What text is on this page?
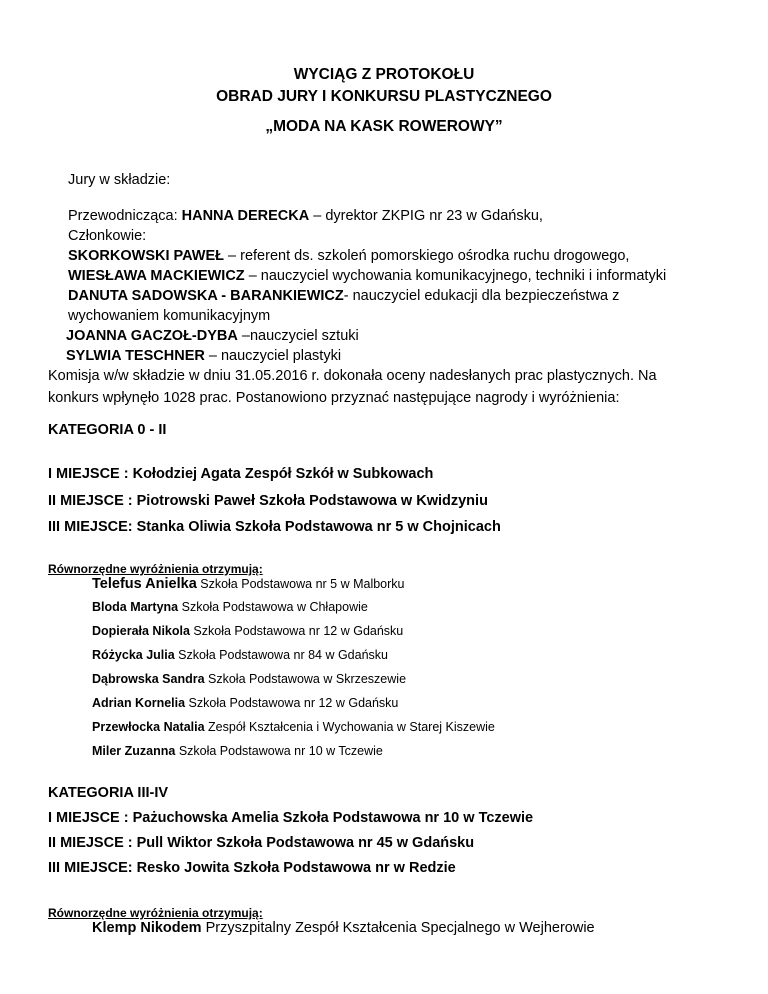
WYCIĄG Z PROTOKOŁU
OBRAD JURY I KONKURSU PLASTYCZNEGO
„MODA NA KASK ROWEROWY”
Jury w składzie:
Przewodnicząca: HANNA DERECKA – dyrektor ZKPIG nr 23 w Gdańsku,
Członkowie:
SKORKOWSKI PAWEŁ – referent ds. szkoleń pomorskiego ośrodka ruchu drogowego,
WIESŁAWA MACKIEWICZ – nauczyciel wychowania komunikacyjnego, techniki i informatyki
DANUTA SADOWSKA - BARANKIEWICZ- nauczyciel edukacji dla bezpieczeństwa z
wychowaniem komunikacyjnym
JOANNA GACZOŁ-DYBA –nauczyciel sztuki
SYLWIA TESCHNER – nauczyciel plastyki
Komisja w/w składzie w dniu 31.05.2016 r. dokonała oceny nadesłanych prac plastycznych. Na
konkurs wpłynęło 1028 prac. Postanowiono przyznać następujące nagrody i wyróżnienia:
KATEGORIA 0 - II
I MIEJSCE : Kołodziej Agata Zespół Szkół w Subkowach
II MIEJSCE : Piotrowski Paweł Szkoła Podstawowa w Kwidzyniu
III MIEJSCE: Stanka Oliwia Szkoła Podstawowa nr 5 w Chojnicach
Równorzędne wyróżnienia otrzymują:
Telefus Anielka Szkoła Podstawowa nr 5 w Malborku
Bloda Martyna Szkoła Podstawowa w Chłapowie
Dopierała Nikola Szkoła Podstawowa nr 12 w Gdańsku
Różycka Julia Szkoła Podstawowa nr 84 w Gdańsku
Dąbrowska Sandra Szkoła Podstawowa w Skrzeszewie
Adrian Kornelia Szkoła Podstawowa nr 12 w Gdańsku
Przewłocka Natalia Zespół Kształcenia i Wychowania w Starej Kiszewie
Miler Zuzanna Szkoła Podstawowa nr 10 w Tczewie
KATEGORIA III-IV
I MIEJSCE : Pażuchowska Amelia Szkoła Podstawowa nr 10 w Tczewie
II MIEJSCE : Pull Wiktor Szkoła Podstawowa nr 45 w Gdańsku
III MIEJSCE: Resko Jowita Szkoła Podstawowa nr w Redzie
Równorzędne wyróżnienia otrzymują:
Klemp Nikodem Przyszpitalny Zespół Kształcenia Specjalnego w Wejherowie
